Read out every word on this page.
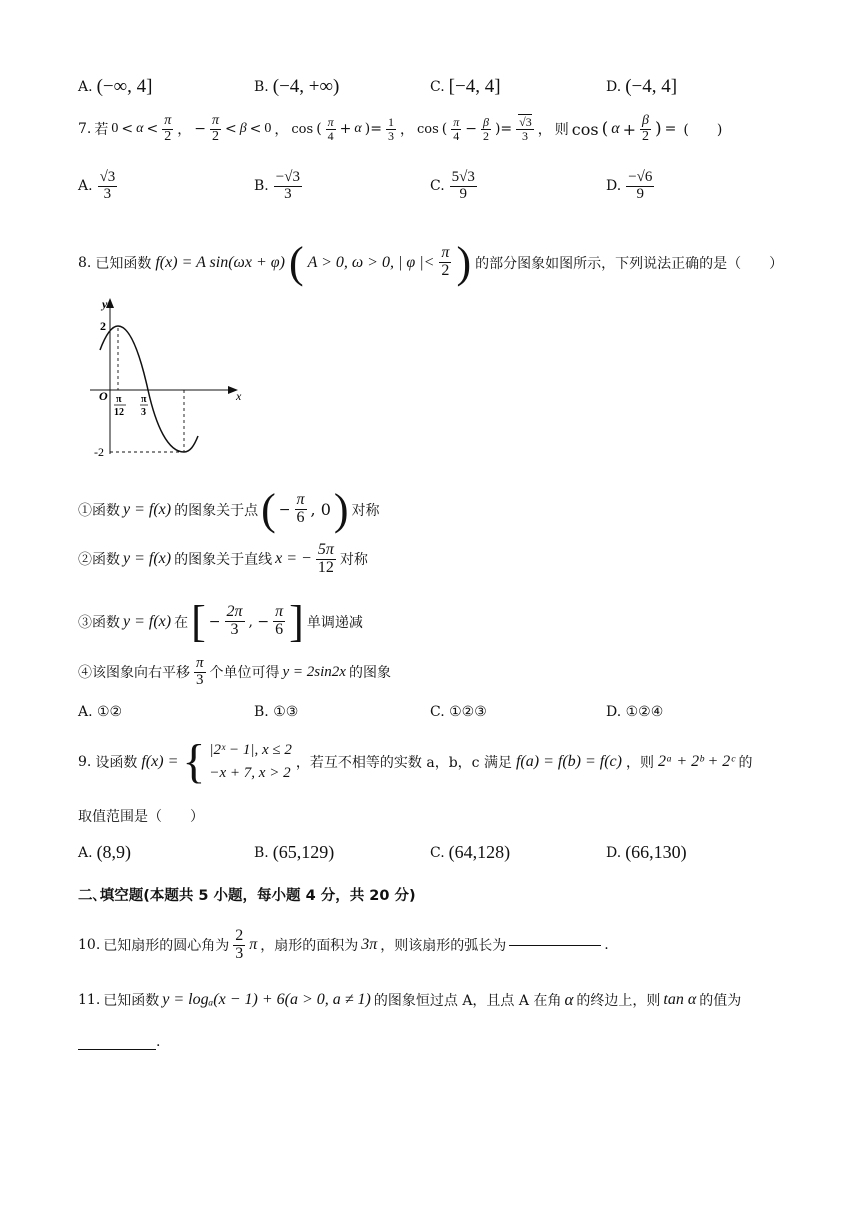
A. (−∞, 4]	B. (−4, +∞)	C. [−4, 4]	D. (−4, 4]
7. 若 $0 < \alpha < \frac{\pi}{2}$ ， − $\frac{\pi}{2} < \beta < 0$ ， cos ( $\frac{\pi}{4} + \alpha$ )= $\frac{1}{3}$ ， cos ( $\frac{\pi}{4} - \frac{\beta}{2}$ )= $\frac{√3}{3}$ ， 则 cos ( $\alpha + \frac{\beta}{2}$ ) = (　　)
A. $\frac{√3}{3}$	B. $\frac{-√3}{3}$	C. $\frac{5√3}{9}$	D. $\frac{-√6}{9}$
8. 已知函数 f(x) = A sin(ωx + φ) ( A > 0, ω > 0, | φ |< $\frac{\pi}{2}$ ) 的部分图象如图所示，下列说法正确的是（　　）
y
x
O
2
-2
π
12
π
3
①函数 y = f(x) 的图象关于点 ( − $\frac{\pi}{6}$ , 0 ) 对称
②函数 y = f(x) 的图象关于直线 x = − $\frac{5\pi}{12}$ 对称
③函数 y = f(x) 在 [ − $\frac{2\pi}{3}$ , − $\frac{\pi}{6}$ ] 单调递减
④该图象向右平移 $\frac{\pi}{3}$ 个单位可得 y = 2sin2x 的图象
A. ①②	B. ①③	C. ①②③	D. ①②④
9. 设函数 f(x) = { |2ˣ − 1|, x ≤ 2
−x + 7, x > 2
，若互不相等的实数 a，b，c 满足 f(a) = f(b) = f(c) ，则 2ᵃ + 2ᵇ + 2ᶜ 的
取值范围是（　　）
A. (8,9)	B. (65,129)	C. (64,128)	D. (66,130)
二､填空题(本题共 5 小题，每小题 4 分，共 20 分)
10. 已知扇形的圆心角为 $\frac{2}{3}$ π ，扇形的面积为 3π ，则该扇形的弧长为	.
11. 已知函数 y = logₐ(x − 1) + 6(a > 0, a ≠ 1) 的图象恒过点 A，且点 A 在角 α 的终边上，则 tan α 的值为
.
